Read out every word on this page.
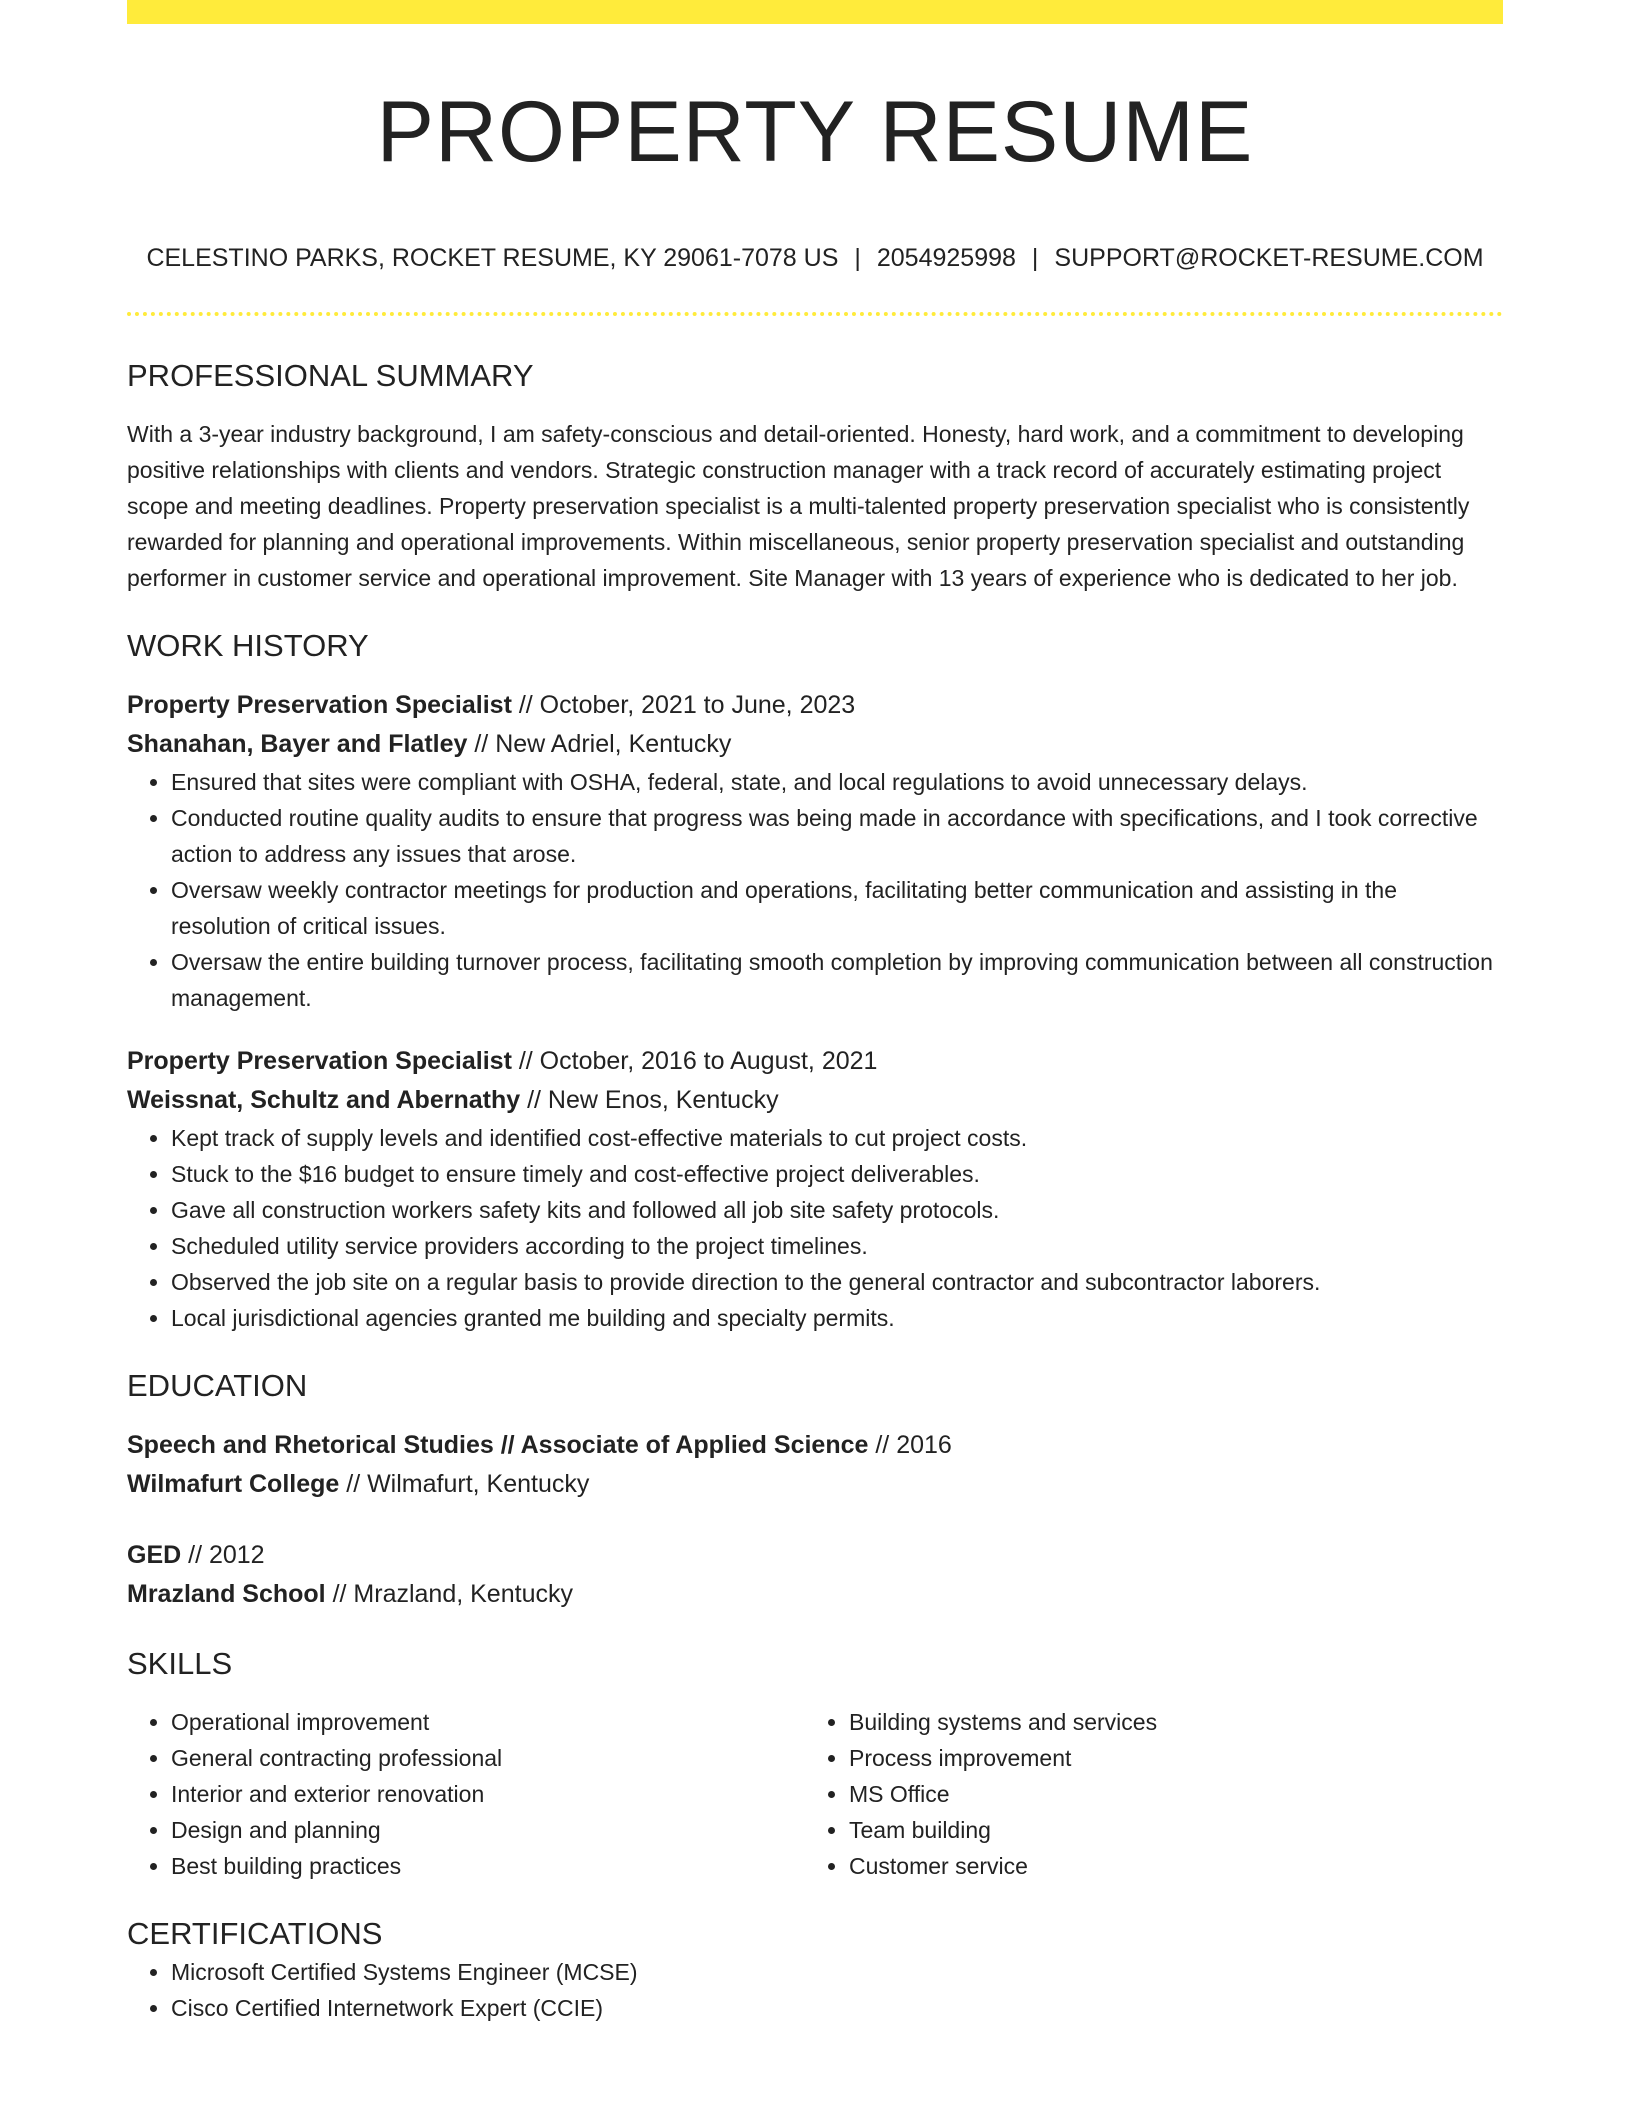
PROPERTY RESUME
CELESTINO PARKS, ROCKET RESUME, KY 29061-7078 US | 2054925998 | SUPPORT@ROCKET-RESUME.COM
PROFESSIONAL SUMMARY
With a 3-year industry background, I am safety-conscious and detail-oriented. Honesty, hard work, and a commitment to developing positive relationships with clients and vendors. Strategic construction manager with a track record of accurately estimating project scope and meeting deadlines. Property preservation specialist is a multi-talented property preservation specialist who is consistently rewarded for planning and operational improvements. Within miscellaneous, senior property preservation specialist and outstanding performer in customer service and operational improvement. Site Manager with 13 years of experience who is dedicated to her job.
WORK HISTORY
Property Preservation Specialist // October, 2021 to June, 2023
Shanahan, Bayer and Flatley // New Adriel, Kentucky
• Ensured that sites were compliant with OSHA, federal, state, and local regulations to avoid unnecessary delays.
• Conducted routine quality audits to ensure that progress was being made in accordance with specifications, and I took corrective action to address any issues that arose.
• Oversaw weekly contractor meetings for production and operations, facilitating better communication and assisting in the resolution of critical issues.
• Oversaw the entire building turnover process, facilitating smooth completion by improving communication between all construction management.
Property Preservation Specialist // October, 2016 to August, 2021
Weissnat, Schultz and Abernathy // New Enos, Kentucky
• Kept track of supply levels and identified cost-effective materials to cut project costs.
• Stuck to the $16 budget to ensure timely and cost-effective project deliverables.
• Gave all construction workers safety kits and followed all job site safety protocols.
• Scheduled utility service providers according to the project timelines.
• Observed the job site on a regular basis to provide direction to the general contractor and subcontractor laborers.
• Local jurisdictional agencies granted me building and specialty permits.
EDUCATION
Speech and Rhetorical Studies // Associate of Applied Science // 2016
Wilmafurt College // Wilmafurt, Kentucky
GED // 2012
Mrazland School // Mrazland, Kentucky
SKILLS
• Operational improvement
• General contracting professional
• Interior and exterior renovation
• Design and planning
• Best building practices
• Building systems and services
• Process improvement
• MS Office
• Team building
• Customer service
CERTIFICATIONS
• Microsoft Certified Systems Engineer (MCSE)
• Cisco Certified Internetwork Expert (CCIE)
